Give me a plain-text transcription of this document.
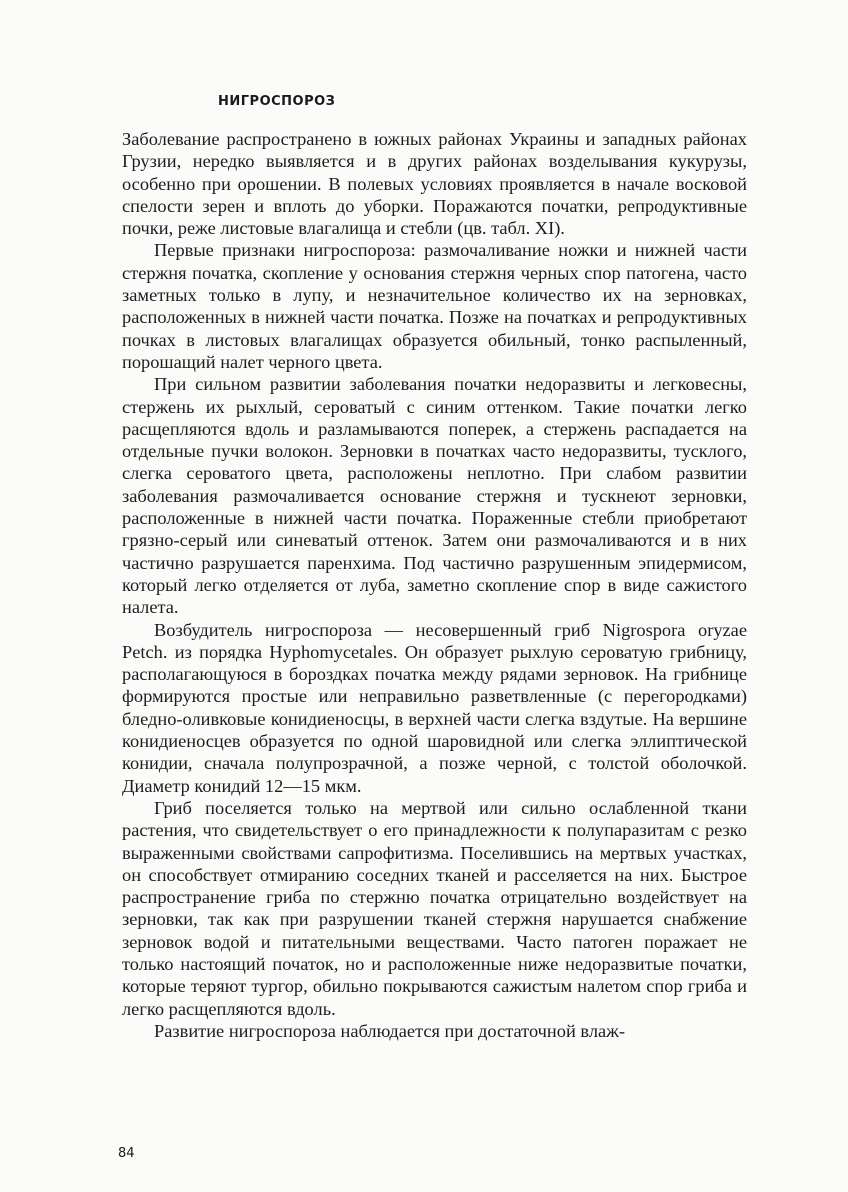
НИГРОСПОРОЗ

Заболевание распространено в южных районах Украины и западных районах Грузии, нередко выявляется и в других районах возделывания кукурузы, особенно при орошении. В полевых условиях проявляется в начале восковой спелости зерен и вплоть до уборки. Поражаются початки, репродуктивные почки, реже листовые влагалища и стебли (цв. табл. XI).

Первые признаки нигроспороза: размочаливание ножки и нижней части стержня початка, скопление у основания стержня черных спор патогена, часто заметных только в лупу, и незначительное количество их на зерновках, расположенных в нижней части початка. Позже на початках и репродуктивных почках в листовых влагалищах образуется обильный, тонко распыленный, порошащий налет черного цвета.

При сильном развитии заболевания початки недоразвиты и легковесны, стержень их рыхлый, сероватый с синим оттенком. Такие початки легко расщепляются вдоль и разламываются поперек, а стержень распадается на отдельные пучки волокон. Зерновки в початках часто недоразвиты, тусклого, слегка сероватого цвета, расположены неплотно. При слабом развитии заболевания размочаливается основание стержня и тускнеют зерновки, расположенные в нижней части початка. Пораженные стебли приобретают грязно-серый или синеватый оттенок. Затем они размочаливаются и в них частично разрушается паренхима. Под частично разрушенным эпидермисом, который легко отделяется от луба, заметно скопление спор в виде сажистого налета.

Возбудитель нигроспороза — несовершенный гриб Nigrospora oryzae Petch. из порядка Hyphomycetales. Он образует рыхлую сероватую грибницу, располагающуюся в бороздках початка между рядами зерновок. На грибнице формируются простые или неправильно разветвленные (с перегородками) бледно-оливковые конидиеносцы, в верхней части слегка вздутые. На вершине конидиеносцев образуется по одной шаровидной или слегка эллиптической конидии, сначала полупрозрачной, а позже черной, с толстой оболочкой. Диаметр конидий 12—15 мкм.

Гриб поселяется только на мертвой или сильно ослабленной ткани растения, что свидетельствует о его принадлежности к полупаразитам с резко выраженными свойствами сапрофитизма. Поселившись на мертвых участках, он способствует отмиранию соседних тканей и расселяется на них. Быстрое распространение гриба по стержню початка отрицательно воздействует на зерновки, так как при разрушении тканей стержня нарушается снабжение зерновок водой и питательными веществами. Часто патоген поражает не только настоящий початок, но и расположенные ниже недоразвитые початки, которые теряют тургор, обильно покрываются сажистым налетом спор гриба и легко расщепляются вдоль.

Развитие нигроспороза наблюдается при достаточной влаж-

84
